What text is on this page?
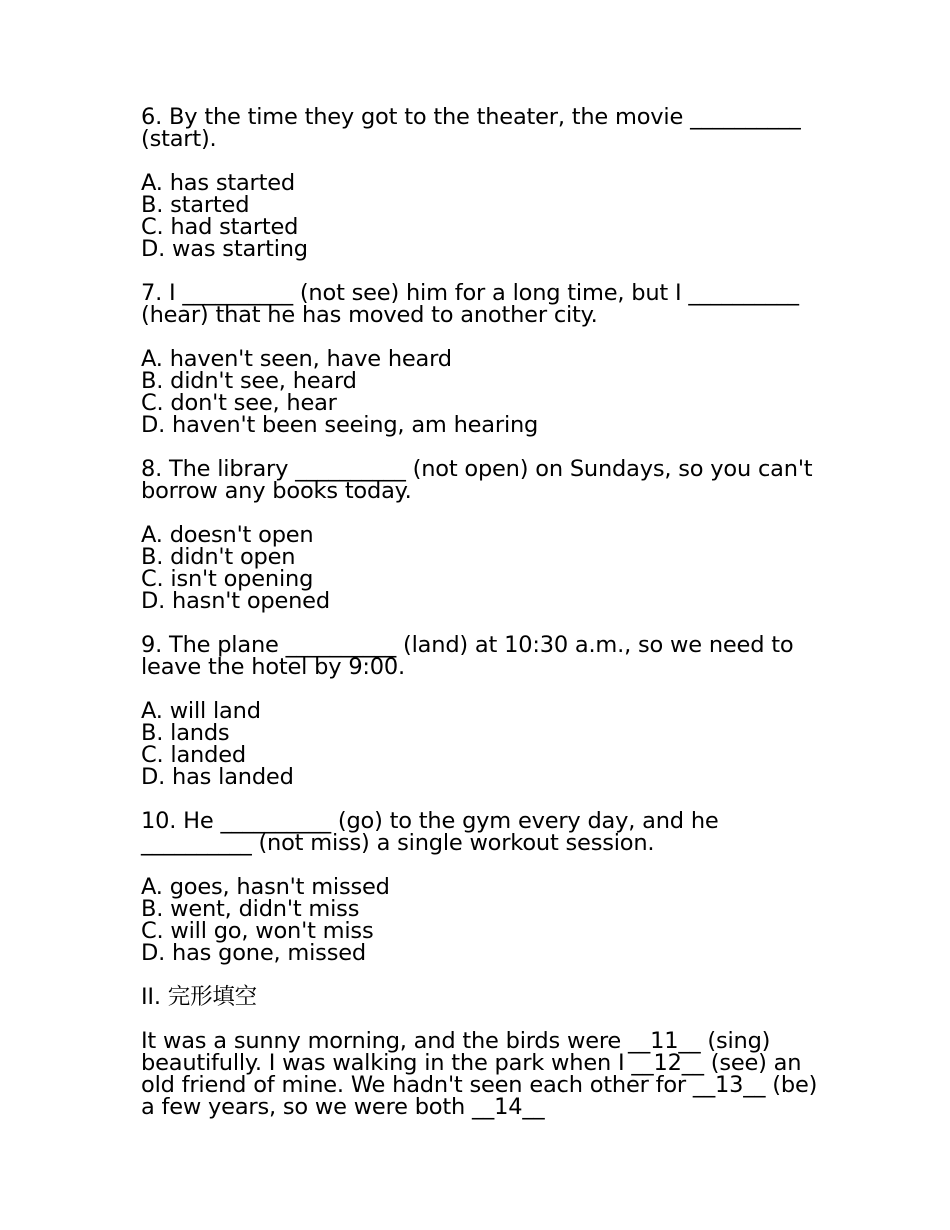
6. By the time they got to the theater, the movie __________ (start).

A. has started

B. started

C. had started

D. was starting

7. I __________ (not see) him for a long time, but I __________ (hear) that he has moved to another city.

A. haven't seen, have heard

B. didn't see, heard

C. don't see, hear

D. haven't been seeing, am hearing

8. The library __________ (not open) on Sundays, so you can't borrow any books today.

A. doesn't open

B. didn't open

C. isn't opening

D. hasn't opened

9. The plane __________ (land) at 10:30 a.m., so we need to leave the hotel by 9:00.

A. will land

B. lands

C. landed

D. has landed

10. He __________ (go) to the gym every day, and he __________ (not miss) a single workout session.

A. goes, hasn't missed

B. went, didn't miss

C. will go, won't miss

D. has gone, missed

II. 完形填空

It was a sunny morning, and the birds were __11__ (sing) beautifully. I was walking in the park when I __12__ (see) an old friend of mine. We hadn't seen each other for __13__ (be) a few years, so we were both __14__
